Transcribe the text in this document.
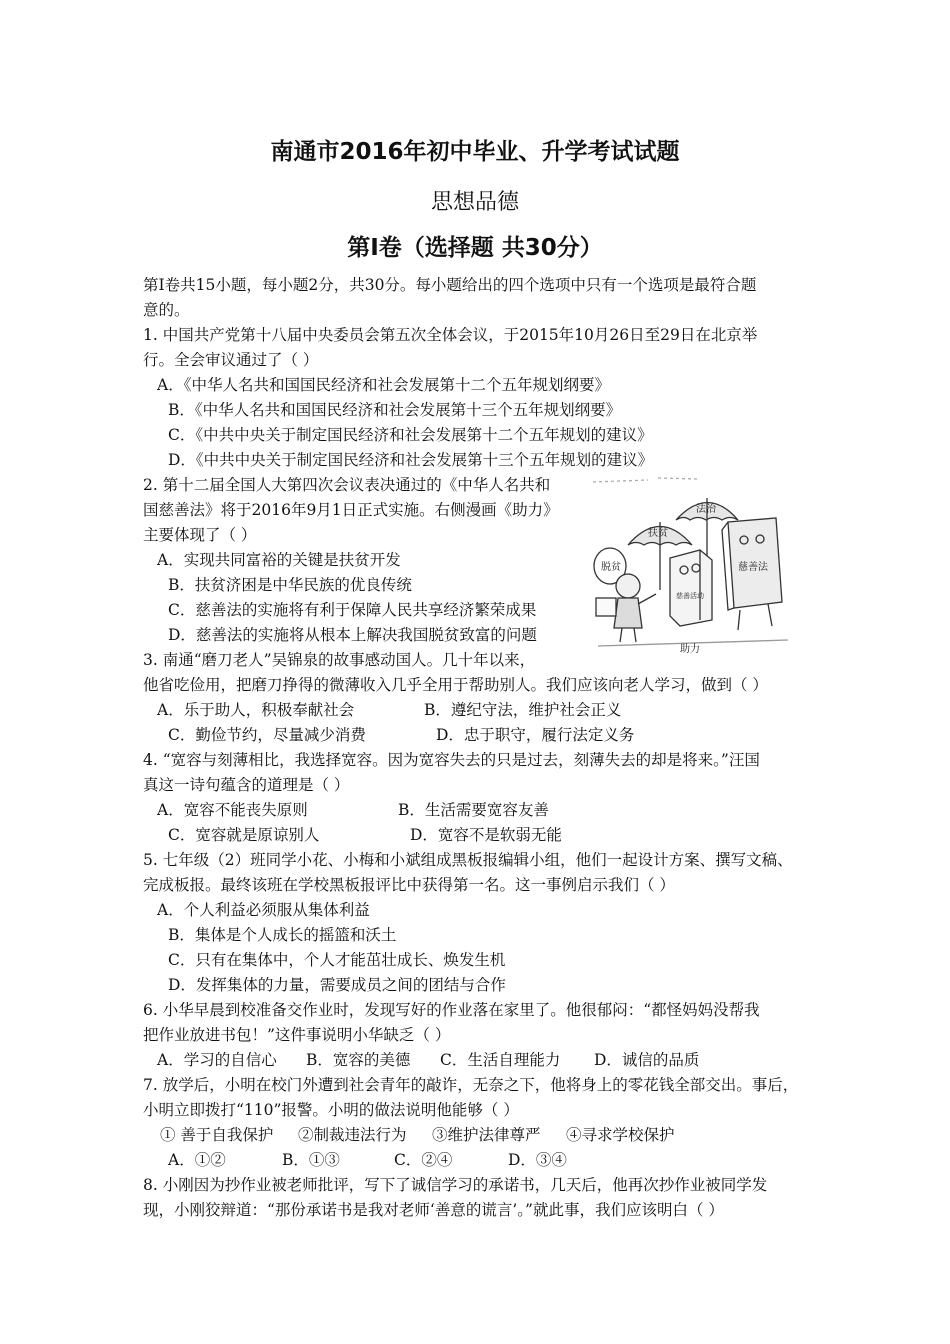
南通市2016年初中毕业、升学考试试题
思想品德
第Ⅰ卷（选择题 共30分）
第Ⅰ卷共15小题，每小题2分，共30分。每小题给出的四个选项中只有一个选项是最符合题
意的。
1. 中国共产党第十八届中央委员会第五次全体会议，于2015年10月26日至29日在北京举
行。全会审议通过了（ ）
A．《中华人名共和国国民经济和社会发展第十二个五年规划纲要》
B．《中华人名共和国国民经济和社会发展第十三个五年规划纲要》
C．《中共中央关于制定国民经济和社会发展第十二个五年规划的建议》
D．《中共中央关于制定国民经济和社会发展第十三个五年规划的建议》
2. 第十二届全国人大第四次会议表决通过的《中华人名共和
国慈善法》将于2016年9月1日正式实施。右侧漫画《助力》
主要体现了（ ）
A．实现共同富裕的关键是扶贫开发
B．扶贫济困是中华民族的优良传统
C．慈善法的实施将有利于保障人民共享经济繁荣成果
D．慈善法的实施将从根本上解决我国脱贫致富的问题
脱贫
扶贫
法治
慈善法
慈善活动
助力
3. 南通“磨刀老人”吴锦泉的故事感动国人。几十年以来，
他省吃俭用，把磨刀挣得的微薄收入几乎全用于帮助别人。我们应该向老人学习，做到（ ）
A．乐于助人，积极奉献社会	B．遵纪守法，维护社会正义
C．勤俭节约，尽量减少消费	D．忠于职守，履行法定义务
4. “宽容与刻薄相比，我选择宽容。因为宽容失去的只是过去，刻薄失去的却是将来。”汪国
真这一诗句蕴含的道理是（ ）
A．宽容不能丧失原则	B．生活需要宽容友善
C．宽容就是原谅别人	D．宽容不是软弱无能
5. 七年级（2）班同学小花、小梅和小斌组成黑板报编辑小组，他们一起设计方案、撰写文稿、
完成板报。最终该班在学校黑板报评比中获得第一名。这一事例启示我们（ ）
A．个人利益必须服从集体利益
B．集体是个人成长的摇篮和沃土
C．只有在集体中，个人才能茁壮成长、焕发生机
D．发挥集体的力量，需要成员之间的团结与合作
6. 小华早晨到校准备交作业时，发现写好的作业落在家里了。他很郁闷：“都怪妈妈没帮我
把作业放进书包！”这件事说明小华缺乏（ ）
A．学习的自信心 B．宽容的美德 C．生活自理能力 D．诚信的品质
7. 放学后，小明在校门外遭到社会青年的敲诈，无奈之下，他将身上的零花钱全部交出。事后，
小明立即拨打“110”报警。小明的做法说明他能够（ ）
① 善于自我保护 ②制裁违法行为 ③维护法律尊严 ④寻求学校保护
A．①②	B．①③	C．②④	D．③④
8. 小刚因为抄作业被老师批评，写下了诚信学习的承诺书，几天后，他再次抄作业被同学发
现，小刚狡辩道：“那份承诺书是我对老师‘善意的谎言’。”就此事，我们应该明白（ ）
